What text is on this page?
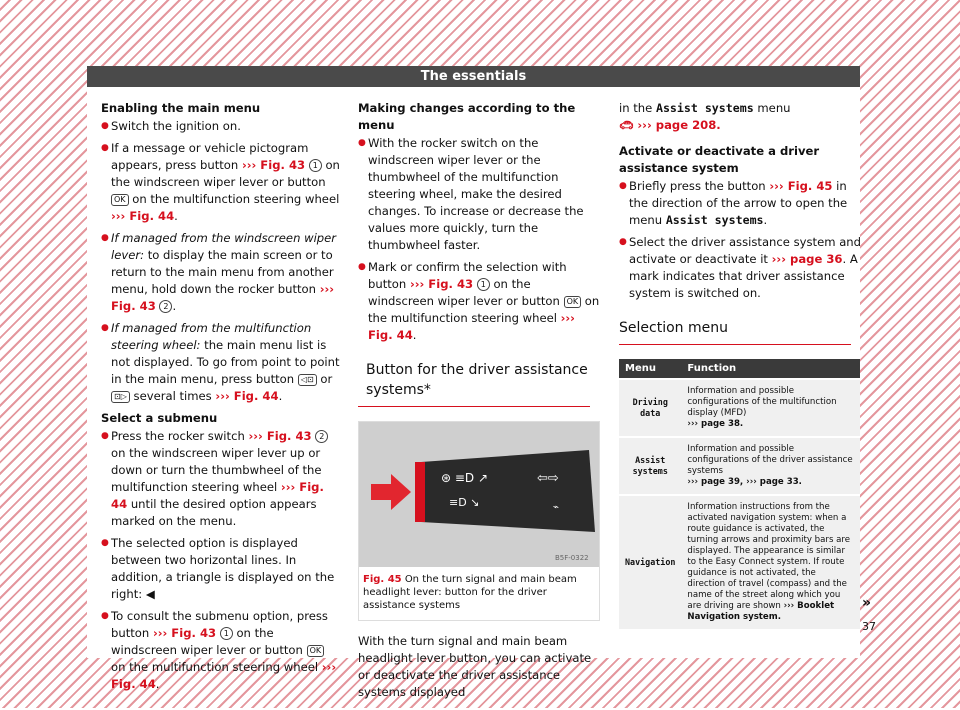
The essentials

Enabling the main menu

● Switch the ignition on.

● If a message or vehicle pictogram appears, press button ››› Fig. 43 1 on the windscreen wiper lever or button OK on the multifunction steering wheel ››› Fig. 44.

● If managed from the windscreen wiper lever: to display the main screen or to return to the main menu from another menu, hold down the rocker button ››› Fig. 43 2 .

● If managed from the multifunction steering wheel: the main menu list is not displayed. To go from point to point in the main menu, press button ◁⊡ or ⊡▷ several times ››› Fig. 44.

Select a submenu

● Press the rocker switch ››› Fig. 43 2 on the windscreen wiper lever up or down or turn the thumbwheel of the multifunction steering wheel ››› Fig. 44 until the desired option appears marked on the menu.

● The selected option is displayed between two horizontal lines. In addition, a triangle is displayed on the right: ◀

● To consult the submenu option, press button ››› Fig. 43 1 on the windscreen wiper lever or button OK on the multifunction steering wheel ››› Fig. 44.

Making changes according to the menu

● With the rocker switch on the windscreen wiper lever or the thumbwheel of the multifunction steering wheel, make the desired changes. To increase or decrease the values more quickly, turn the thumbwheel faster.

● Mark or confirm the selection with button ››› Fig. 43 1 on the windscreen wiper lever or button OK on the multifunction steering wheel ››› Fig. 44.

Button for the driver assistance systems*
⊛ ≡D ↗
≡D ↘
⇦⇨
⌁
B5F-0322
Fig. 45 On the turn signal and main beam headlight lever: button for the driver assistance systems

With the turn signal and main beam headlight lever button, you can activate or deactivate the driver assistance systems displayed

in the Assist systems menu
🚗︎ ››› page 208.

Activate or deactivate a driver assistance system

● Briefly press the button ››› Fig. 45 in the direction of the arrow to open the menu Assist systems.

● Select the driver assistance system and activate or deactivate it ››› page 36. A mark indicates that driver assistance system is switched on.

Selection menu
Menu	Function
Driving data	Information and possible configurations of the multifunction display (MFD)
››› page 38.
Assist systems	Information and possible configurations of the driver assistance systems
››› page 39, ››› page 33.
Navigation	Information instructions from the activated navigation system: when a route guidance is activated, the turning arrows and proximity bars are displayed. The appearance is similar to the Easy Connect system. If route guidance is not activated, the direction of travel (compass) and the name of the street along which you are driving are shown ››› Booklet Navigation system.
»
37
